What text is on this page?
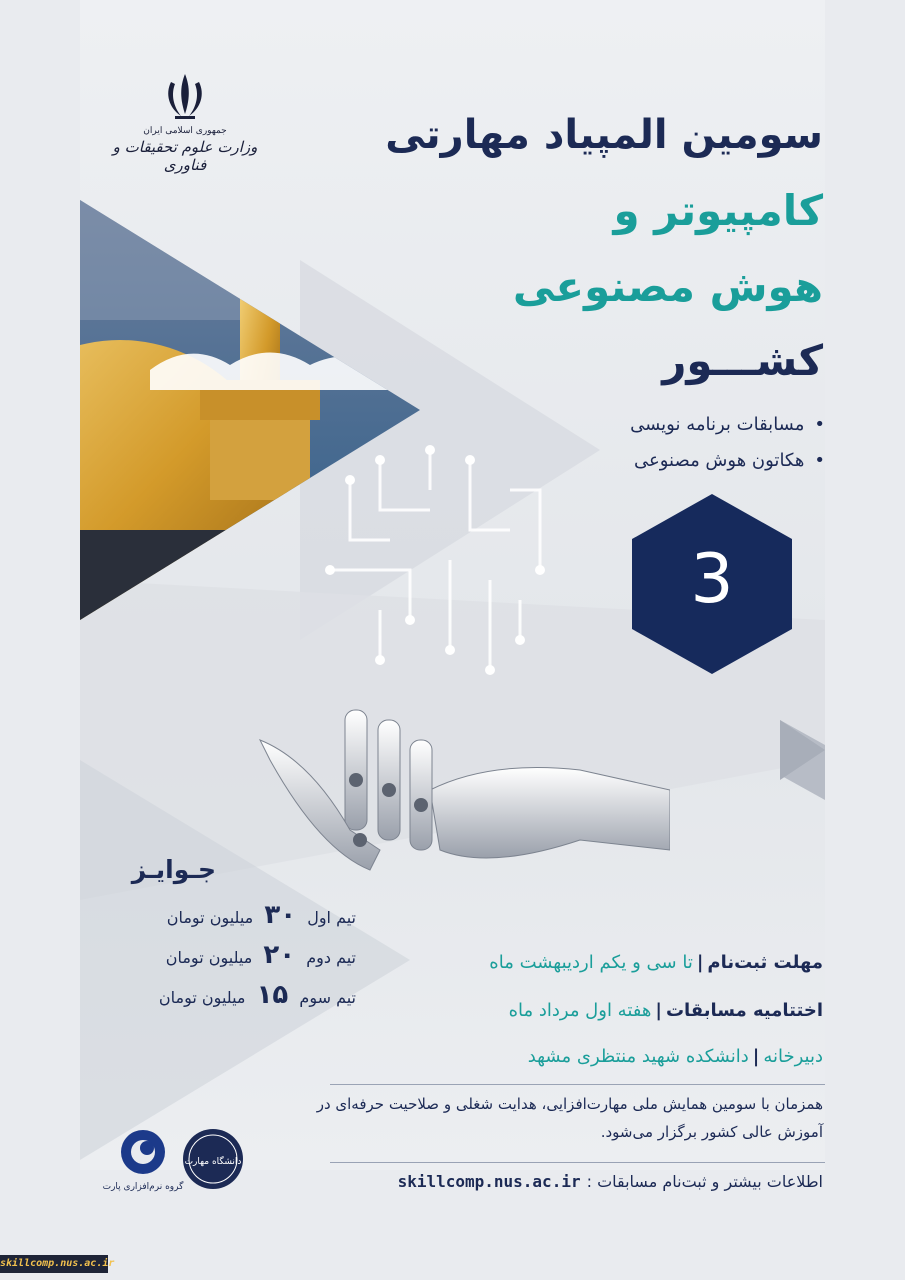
جمهوری اسلامی ایران
وزارت علوم تحقیقات و فناوری
سومین المپیاد مهارتی
کامپیوتر و
هوش مصنوعی
کشـــور
• مسابقات برنامه نویسی
• هکاتون هوش مصنوعی
3
جـوایـز
تیم اول ۳۰ میلیون تومان
تیم دوم ۲۰ میلیون تومان
تیم سوم ۱۵ میلیون تومان
مهلت ثبت‌نام|تا سی و یکم اردیبهشت ماه
اختتامیه مسابقات|هفته اول مرداد ماه
دبیرخانه|دانشکده شهید منتظری مشهد
همزمان با سومین همایش ملی مهارت‌افزایی، هدایت شغلی و صلاحیت حرفه‌ای در آموزش عالی کشور برگزار می‌شود.
اطلاعات بیشتر و ثبت‌نام مسابقات :skillcomp.nus.ac.ir
دانشگاه مهارت
گروه نرم‌افزاری پارت
skillcomp.nus.ac.ir
